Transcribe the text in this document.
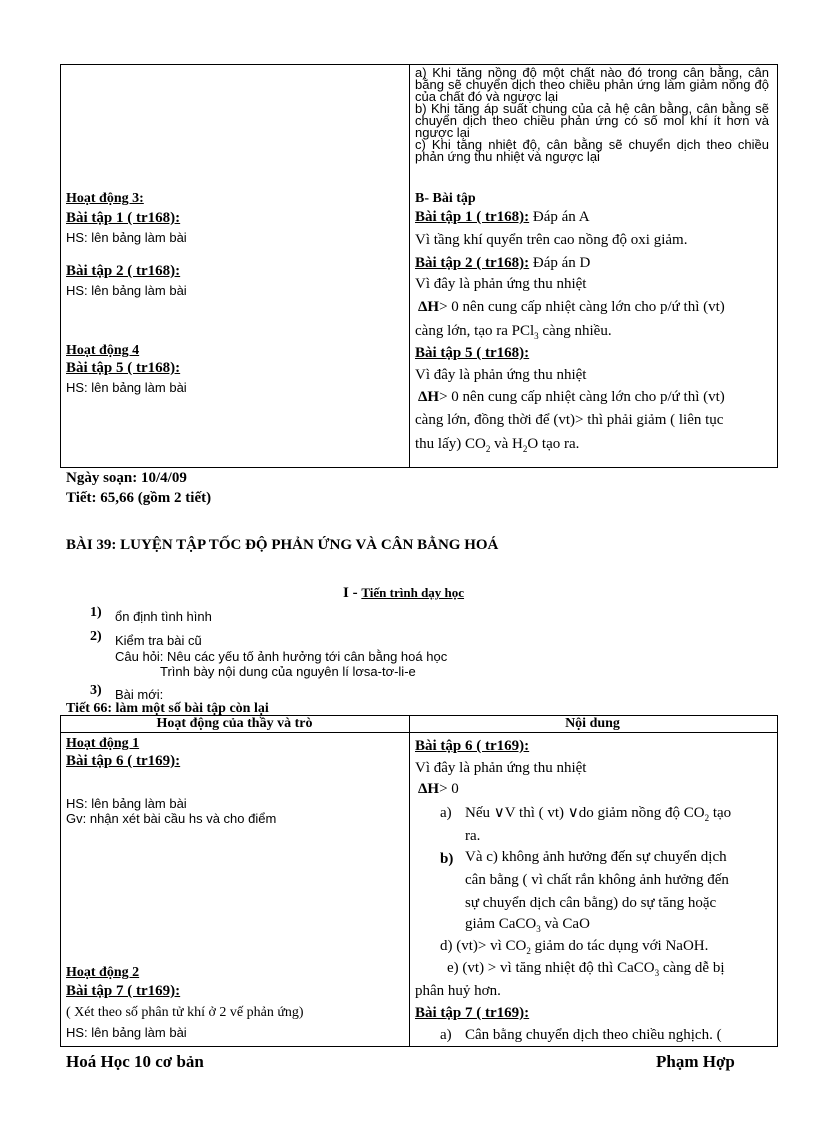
a) Khi tăng nồng độ một chất nào đó trong cân bằng, cân bằng sẽ chuyển dịch theo chiều phản ứng làm giảm nồng độ của chất đó và ngược lại
b) Khi tăng áp suất chung của cả hệ cân bằng, cân bằng sẽ chuyển dịch theo chiều phản ứng có số mol khí ít hơn và ngược lại
c) Khi tăng nhiệt độ, cân bằng sẽ chuyển dịch theo chiều phản ứng thu nhiệt và ngược lại
Hoạt động 3:
Bài tập 1 ( tr168):
HS: lên bảng làm bài
Bài tập 2 ( tr168):
HS: lên bảng làm bài
Hoạt động 4
Bài tập 5 ( tr168):
HS: lên bảng làm bài
B- Bài tập
Bài tập 1 ( tr168): Đáp án A
Vì tầng khí quyển trên cao nồng độ oxi giảm.
Bài tập 2 ( tr168): Đáp án D
Vì đây là phản ứng thu nhiệt
ΔH> 0 nên cung cấp nhiệt càng lớn cho p/ứ thì (vt)
càng lớn, tạo ra PCl$_3$ càng nhiều.
Bài tập 5 ( tr168):
Vì đây là phản ứng thu nhiệt
ΔH> 0 nên cung cấp nhiệt càng lớn cho p/ứ thì (vt)
càng lớn, đồng thời để (vt)> thì phải giảm ( liên tục
thu lấy) $CO_2$ và $H_2O$ tạo ra.
Ngày soạn: 10/4/09
Tiết: 65,66 (gồm 2 tiết)
BÀI 39: LUYỆN TẬP TỐC ĐỘ PHẢN ỨNG VÀ CÂN BẰNG HOÁ
I - Tiến trình dạy học
1) ổn định tình hình
2) Kiểm tra bài cũ
Câu hỏi: Nêu các yếu tố ảnh hưởng tới cân bằng hoá học
Trình bày nội dung của nguyên lí lơsa-tơ-li-e
3) Bài mới:
Tiết 66: làm một số bài tập còn lại
Hoạt động của thầy và trò	Nội dung
Hoạt động 1
Bài tập 6 ( tr169):
HS: lên bảng làm bài
Gv: nhận xét bài cầu hs và cho điểm
Hoạt động 2
Bài tập 7 ( tr169):
( Xét theo số phân tử khí ở 2 vế phản ứng)
HS: lên bảng làm bài
Bài tập 6 ( tr169):
Vì đây là phản ứng thu nhiệt
ΔH> 0
a) Nếu ∨V thì ( vt) ∨do giảm nồng độ $CO_2$ tạo
ra.
b) Và c) không ảnh hưởng đến sự chuyển dịch
cân bằng ( vì chất rắn không ảnh hưởng đến
sự chuyển dịch cân bằng) do sự tăng hoặc
giảm CaCO$_3$ và CaO
d) (vt)> vì $CO_2$ giảm do tác dụng với NaOH.
e) (vt) > vì tăng nhiệt độ thì CaCO$_3$ càng dễ bị
phân huỷ hơn.
Bài tập 7 ( tr169):
a) Cân bằng chuyển dịch theo chiều nghịch. (
Hoá Học 10 cơ bản	Phạm Hợp
